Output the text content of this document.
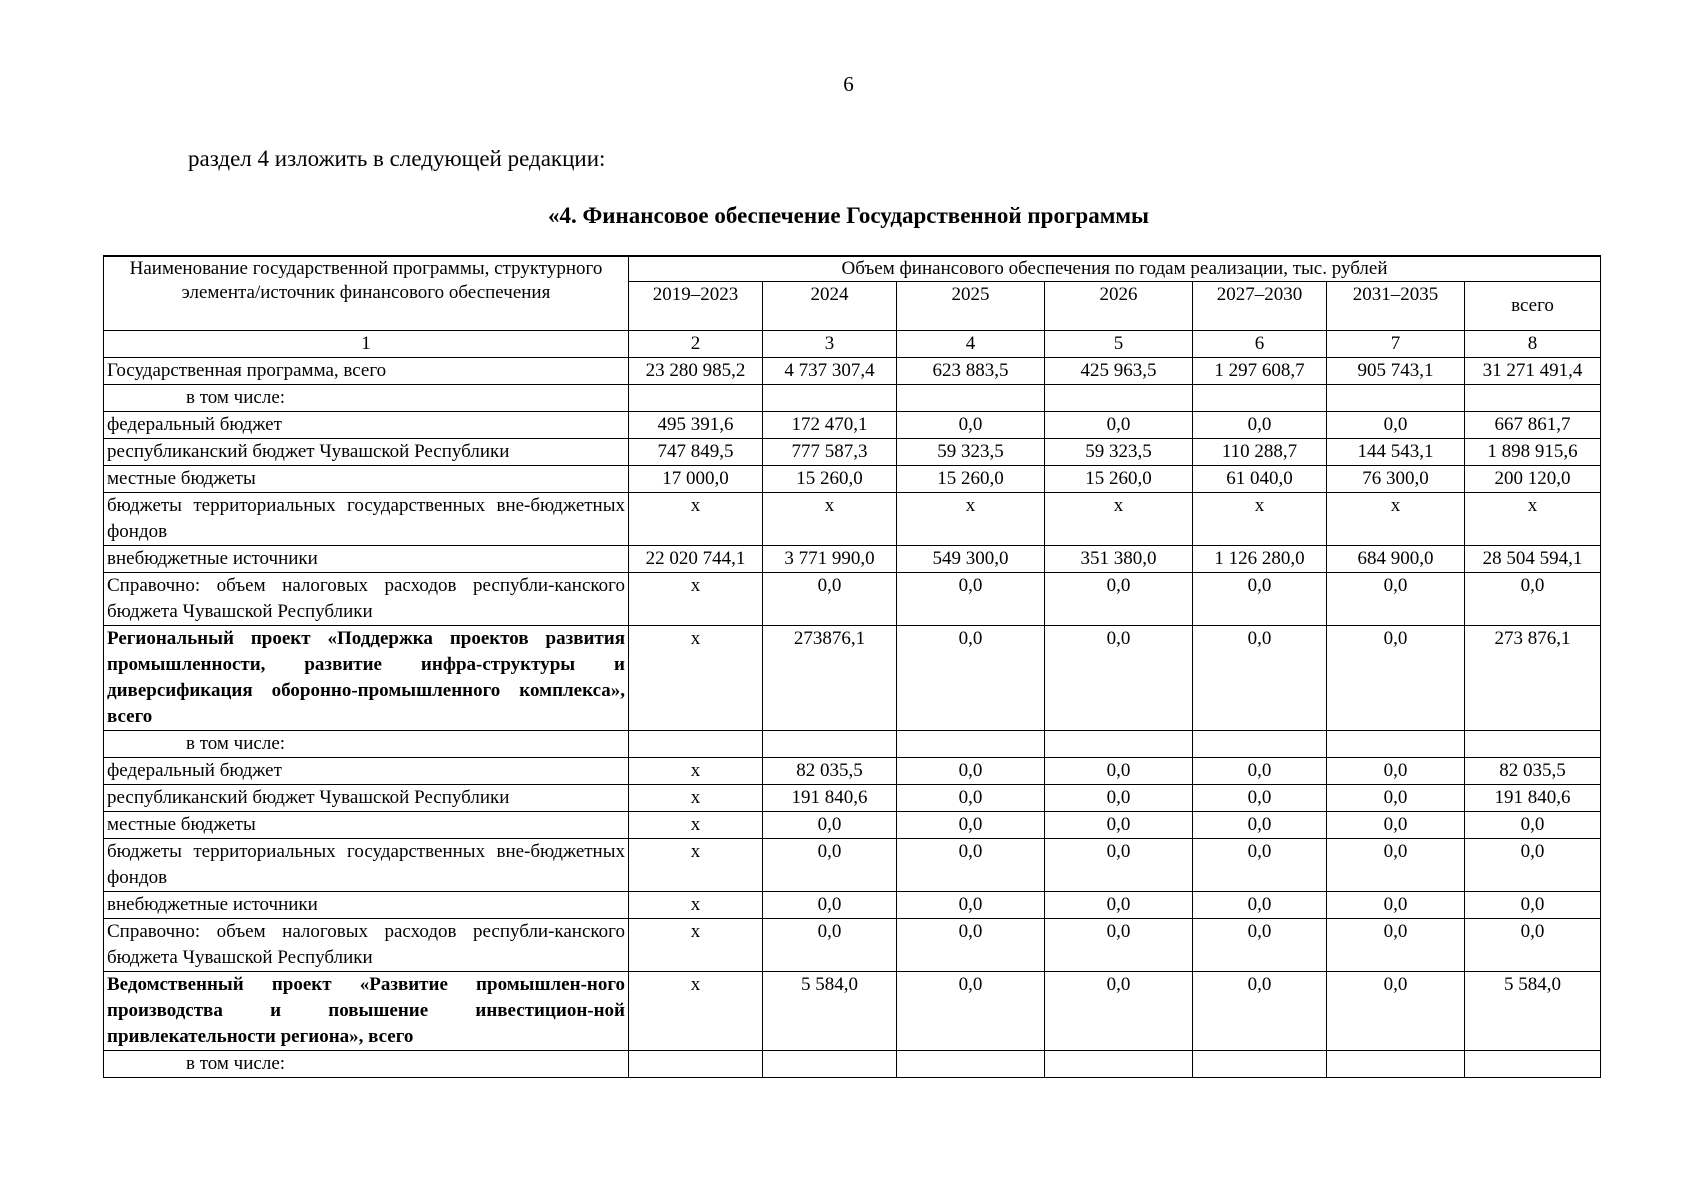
6
раздел 4 изложить в следующей редакции:
«4. Финансовое обеспечение Государственной программы
Наименование государственной программы, структурного элемента/источник финансового обеспечения	Объем финансового обеспечения по годам реализации, тыс. рублей						
	2019–2023	2024	2025	2026	2027–2030	2031–2035	всего
1	2	3	4	5	6	7	8
Государственная программа, всего	23 280 985,2	4 737 307,4	623 883,5	425 963,5	1 297 608,7	905 743,1	31 271 491,4
в том числе:							
федеральный бюджет	495 391,6	172 470,1	0,0	0,0	0,0	0,0	667 861,7
республиканский бюджет Чувашской Республики	747 849,5	777 587,3	59 323,5	59 323,5	110 288,7	144 543,1	1 898 915,6
местные бюджеты	17 000,0	15 260,0	15 260,0	15 260,0	61 040,0	76 300,0	200 120,0
бюджеты территориальных государственных вне-бюджетных фондов	х	х	х	х	х	х	х
внебюджетные источники	22 020 744,1	3 771 990,0	549 300,0	351 380,0	1 126 280,0	684 900,0	28 504 594,1
Справочно: объем налоговых расходов республи-канского бюджета Чувашской Республики	х	0,0	0,0	0,0	0,0	0,0	0,0
Региональный проект «Поддержка проектов развития промышленности, развитие инфра-структуры и диверсификация оборонно-промышленного комплекса», всего	х	273876,1	0,0	0,0	0,0	0,0	273 876,1
в том числе:							
федеральный бюджет	х	82 035,5	0,0	0,0	0,0	0,0	82 035,5
республиканский бюджет Чувашской Республики	х	191 840,6	0,0	0,0	0,0	0,0	191 840,6
местные бюджеты	х	0,0	0,0	0,0	0,0	0,0	0,0
бюджеты территориальных государственных вне-бюджетных фондов	х	0,0	0,0	0,0	0,0	0,0	0,0
внебюджетные источники	х	0,0	0,0	0,0	0,0	0,0	0,0
Справочно: объем налоговых расходов республи-канского бюджета Чувашской Республики	х	0,0	0,0	0,0	0,0	0,0	0,0
Ведомственный проект «Развитие промышлен-ного производства и повышение инвестицион-ной привлекательности региона», всего	х	5 584,0	0,0	0,0	0,0	0,0	5 584,0
в том числе:							
